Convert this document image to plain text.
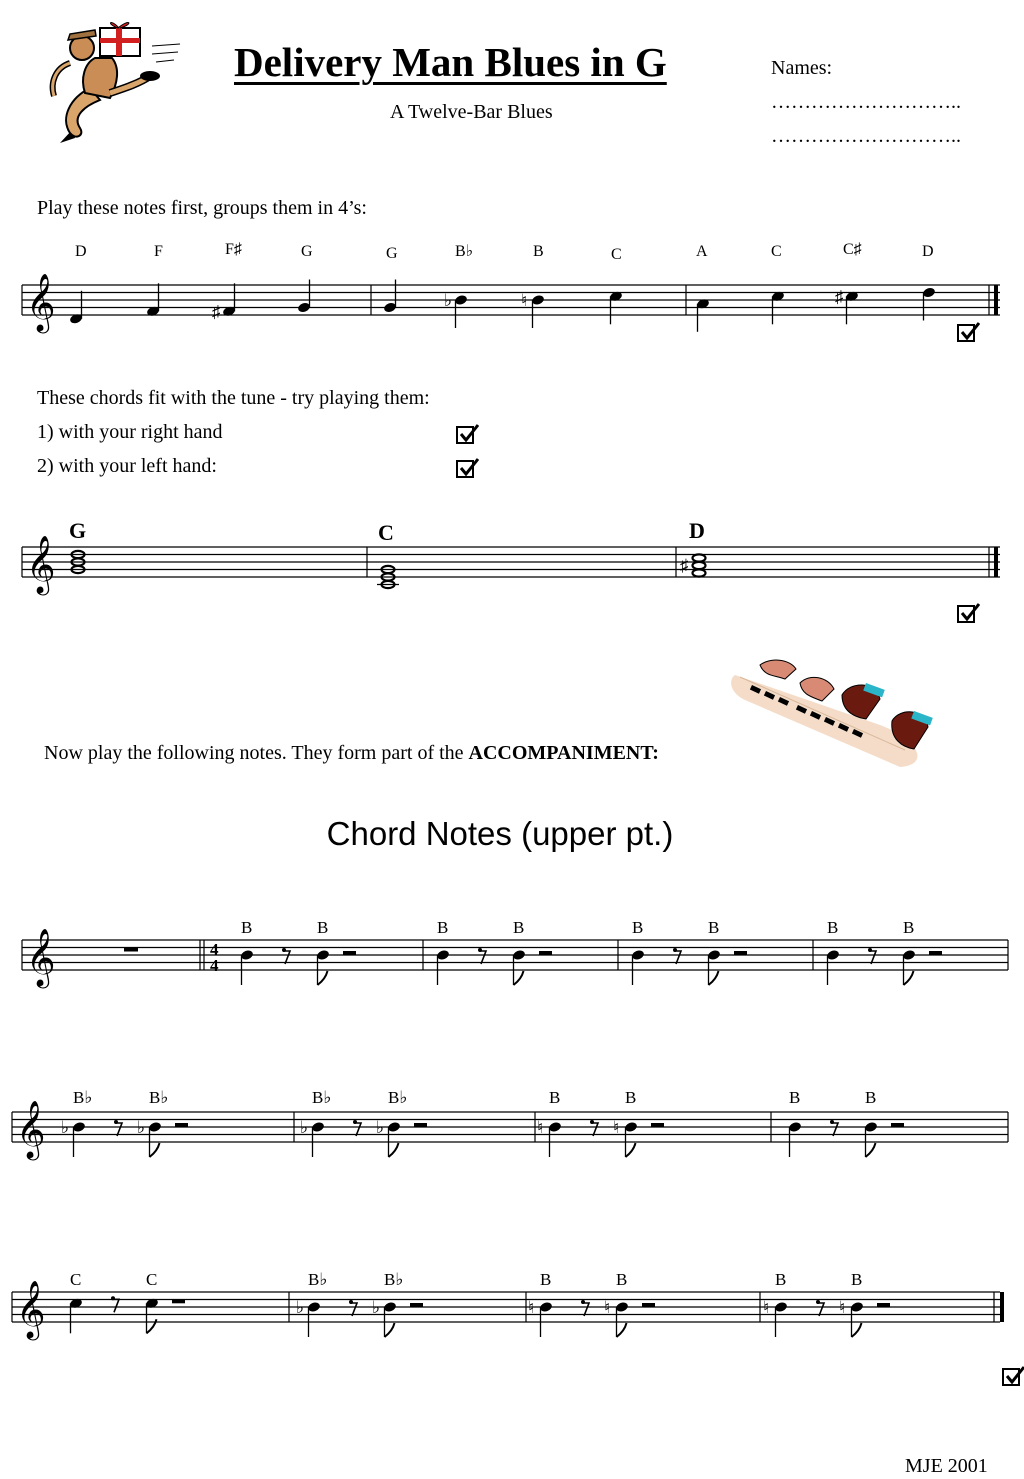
Delivery Man Blues in G
A Twelve-Bar Blues
Names:
………………………..
………………………..
Play these notes first, groups them in 4’s:
𝄞	♯
♭	♮	♯
D	F	F♯	G	G	B♭	B	C	A	C	C♯	D
These chords fit with the tune - try playing them:
1) with your right hand
2) with your left hand:
𝄞	♯
G	C	D
Now play the following notes. They form part of the ACCOMPANIMENT:
Chord Notes (upper pt.)
𝄞	4
4
𝄞 ♭	♭	♭	♭	♮	♮
𝄞	♭	♭	♮	♮	♮	♮
MJE 2001
B	B	B	B	B	B	B	B
B♭	B♭	B♭	B♭	B	B	B	B
C	C	B♭	B♭	B	B	B	B
